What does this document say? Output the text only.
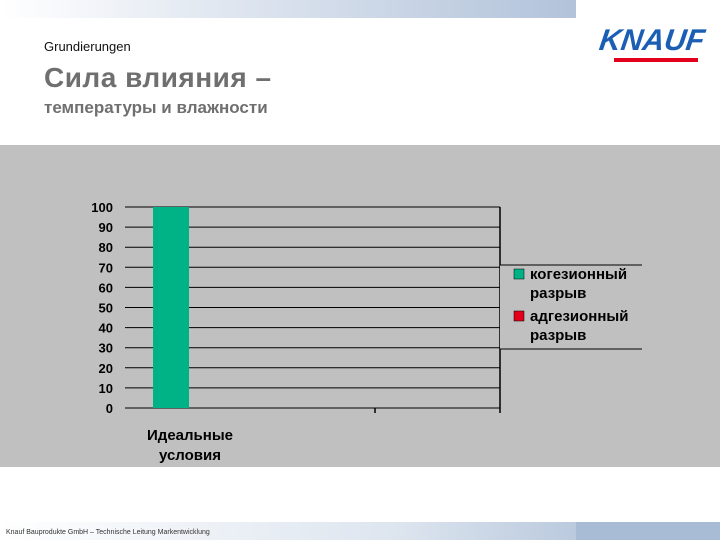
Grundierungen
Сила влияния –
температуры и влажности
KNAUF
0
10
20
30
40
50
60
70
80
90
100
Идеальные
условия
когезионный
разрыв
адгезионный
разрыв
Knauf Bauprodukte GmbH – Technische Leitung Markentwicklung
